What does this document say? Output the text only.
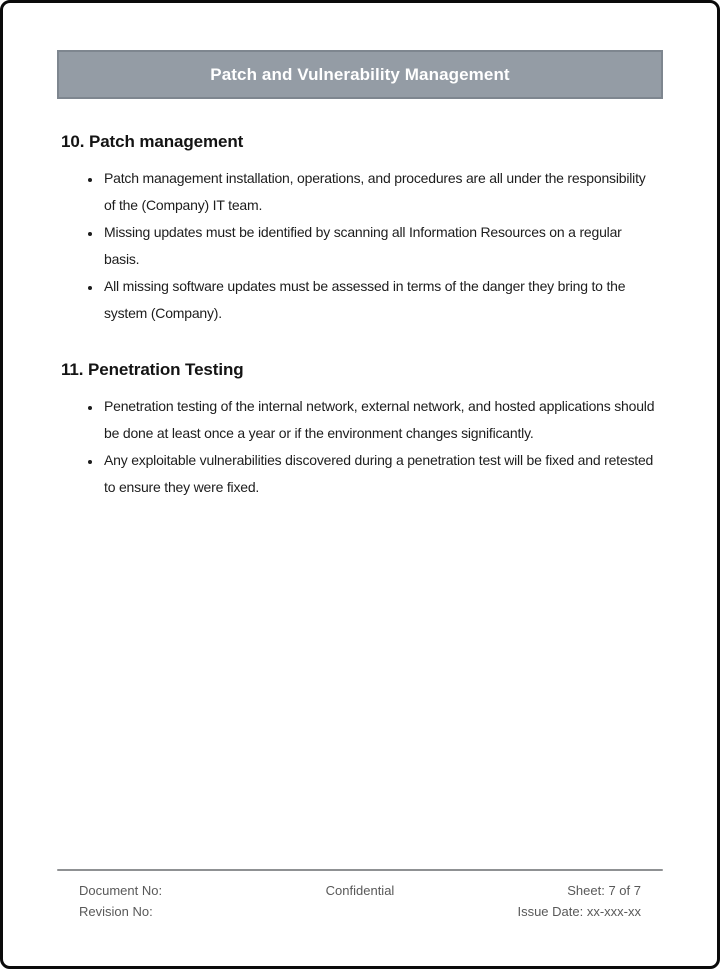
Patch and Vulnerability Management
10. Patch management
• Patch management installation, operations, and procedures are all under the responsibility of the (Company) IT team.
• Missing updates must be identified by scanning all Information Resources on a regular basis.
• All missing software updates must be assessed in terms of the danger they bring to the system (Company).
11. Penetration Testing
• Penetration testing of the internal network, external network, and hosted applications should be done at least once a year or if the environment changes significantly.
• Any exploitable vulnerabilities discovered during a penetration test will be fixed and retested to ensure they were fixed.
Document No:
Revision No:
Confidential	Sheet: 7 of 7
Issue Date: xx-xxx-xx
